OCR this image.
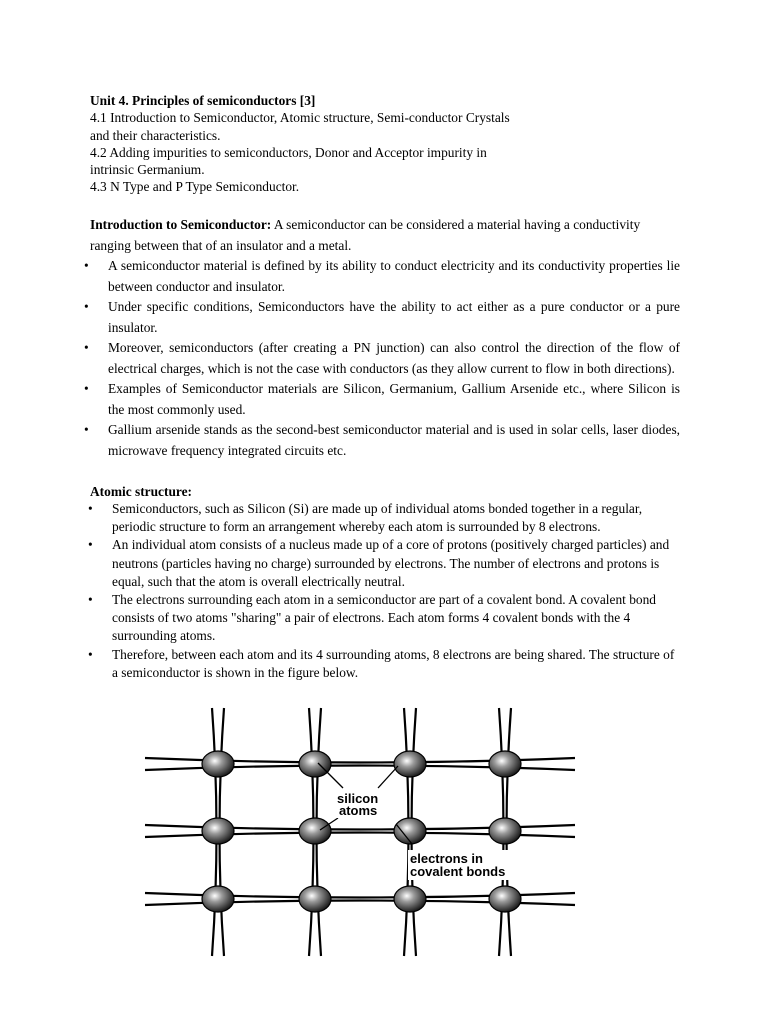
Unit 4. Principles of semiconductors [3]
4.1 Introduction to Semiconductor, Atomic structure, Semi-conductor Crystals
and their characteristics.
4.2 Adding impurities to semiconductors, Donor and Acceptor impurity in
intrinsic Germanium.
4.3 N Type and P Type Semiconductor.
Introduction to Semiconductor: A semiconductor can be considered a material having a conductivity ranging between that of an insulator and a metal.
• A semiconductor material is defined by its ability to conduct electricity and its conductivity properties lie between conductor and insulator.
• Under specific conditions, Semiconductors have the ability to act either as a pure conductor or a pure insulator.
• Moreover, semiconductors (after creating a PN junction) can also control the direction of the flow of electrical charges, which is not the case with conductors (as they allow current to flow in both directions).
• Examples of Semiconductor materials are Silicon, Germanium, Gallium Arsenide etc., where Silicon is the most commonly used.
• Gallium arsenide stands as the second-best semiconductor material and is used in solar cells, laser diodes, microwave frequency integrated circuits etc.
Atomic structure:
• Semiconductors, such as Silicon (Si) are made up of individual atoms bonded together in a regular, periodic structure to form an arrangement whereby each atom is surrounded by 8 electrons.
• An individual atom consists of a nucleus made up of a core of protons (positively charged particles) and neutrons (particles having no charge) surrounded by electrons. The number of electrons and protons is equal, such that the atom is overall electrically neutral.
• The electrons surrounding each atom in a semiconductor are part of a covalent bond. A covalent bond consists of two atoms "sharing" a pair of electrons. Each atom forms 4 covalent bonds with the 4 surrounding atoms.
• Therefore, between each atom and its 4 surrounding atoms, 8 electrons are being shared. The structure of a semiconductor is shown in the figure below.
silicon
atoms
electrons in
covalent bonds
